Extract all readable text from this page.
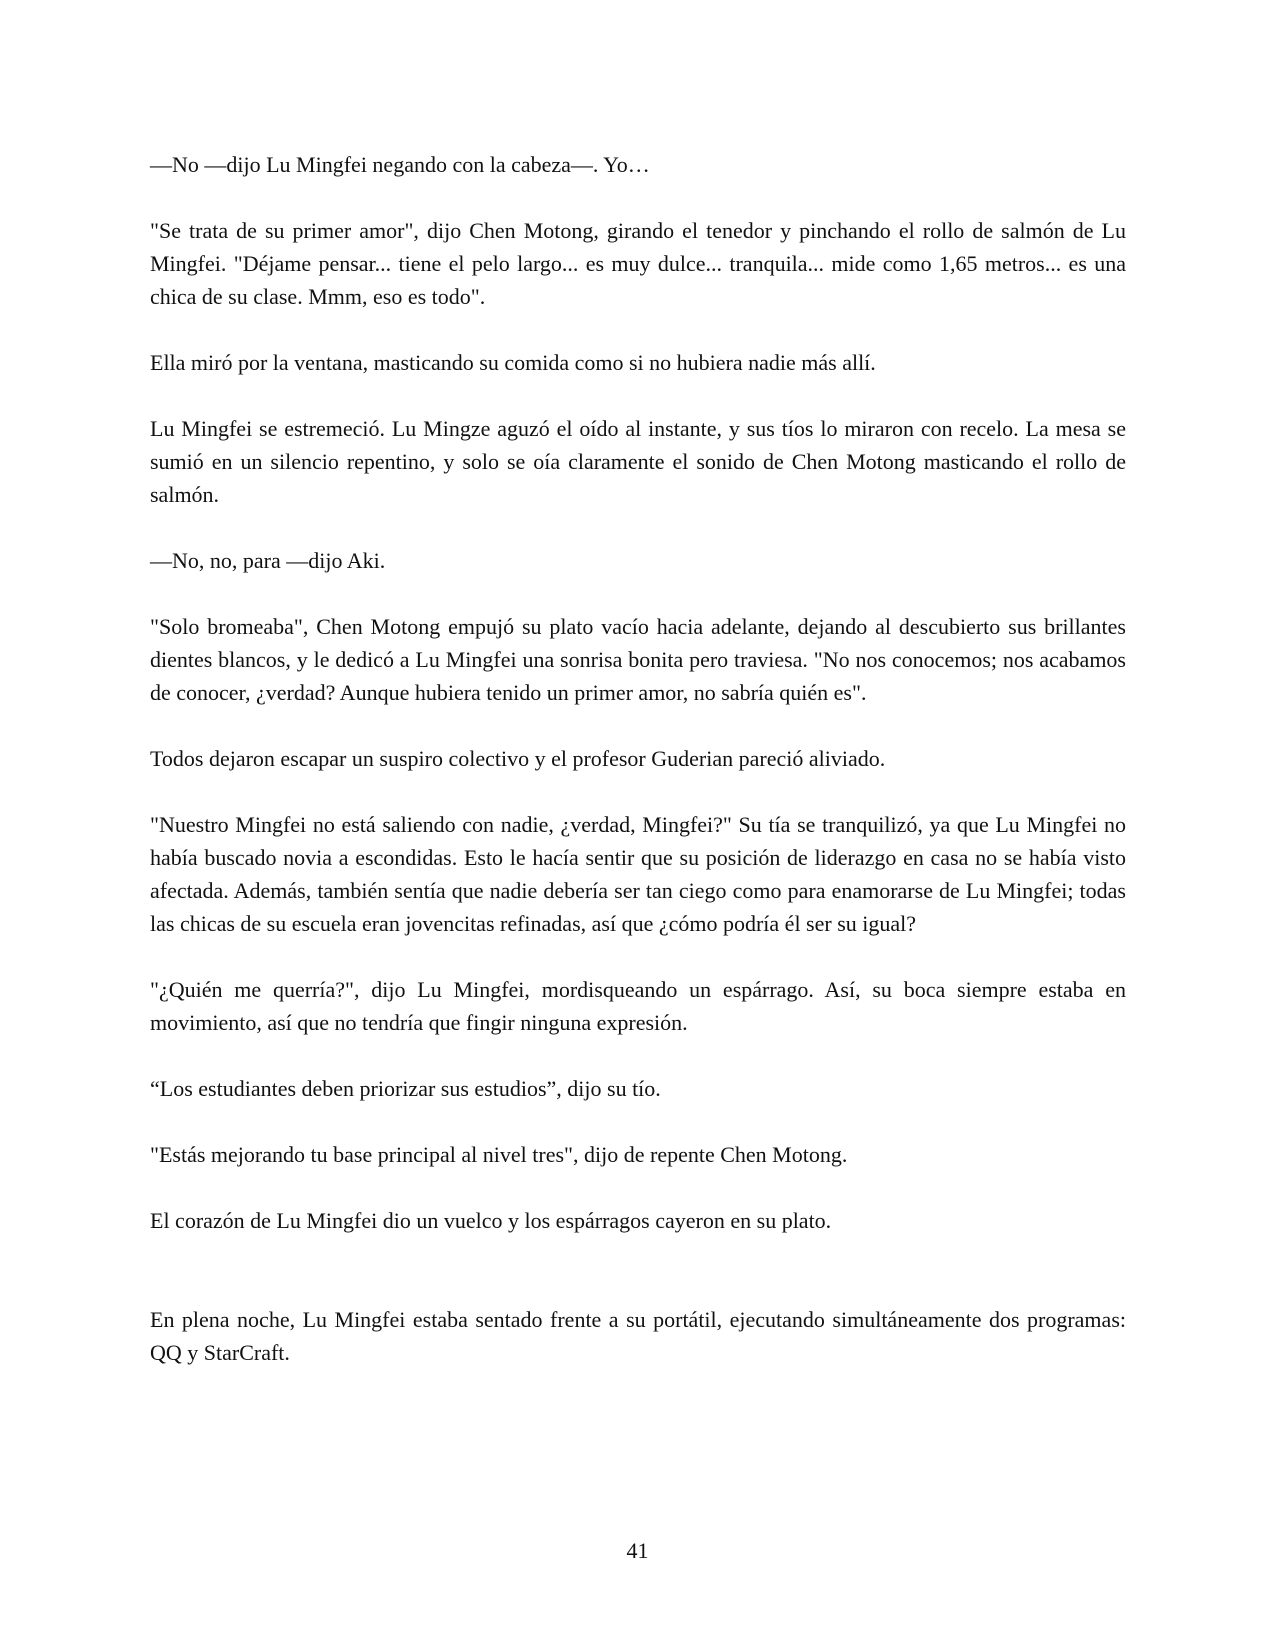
—No —dijo Lu Mingfei negando con la cabeza—. Yo…

"Se trata de su primer amor", dijo Chen Motong, girando el tenedor y pinchando el rollo de salmón de Lu Mingfei. "Déjame pensar... tiene el pelo largo... es muy dulce... tranquila... mide como 1,65 metros... es una chica de su clase. Mmm, eso es todo".

Ella miró por la ventana, masticando su comida como si no hubiera nadie más allí.

Lu Mingfei se estremeció. Lu Mingze aguzó el oído al instante, y sus tíos lo miraron con recelo. La mesa se sumió en un silencio repentino, y solo se oía claramente el sonido de Chen Motong masticando el rollo de salmón.

—No, no, para —dijo Aki.

"Solo bromeaba", Chen Motong empujó su plato vacío hacia adelante, dejando al descubierto sus brillantes dientes blancos, y le dedicó a Lu Mingfei una sonrisa bonita pero traviesa. "No nos conocemos; nos acabamos de conocer, ¿verdad? Aunque hubiera tenido un primer amor, no sabría quién es".

Todos dejaron escapar un suspiro colectivo y el profesor Guderian pareció aliviado.

"Nuestro Mingfei no está saliendo con nadie, ¿verdad, Mingfei?" Su tía se tranquilizó, ya que Lu Mingfei no había buscado novia a escondidas. Esto le hacía sentir que su posición de liderazgo en casa no se había visto afectada. Además, también sentía que nadie debería ser tan ciego como para enamorarse de Lu Mingfei; todas las chicas de su escuela eran jovencitas refinadas, así que ¿cómo podría él ser su igual?

"¿Quién me querría?", dijo Lu Mingfei, mordisqueando un espárrago. Así, su boca siempre estaba en movimiento, así que no tendría que fingir ninguna expresión.

“Los estudiantes deben priorizar sus estudios”, dijo su tío.

"Estás mejorando tu base principal al nivel tres", dijo de repente Chen Motong.

El corazón de Lu Mingfei dio un vuelco y los espárragos cayeron en su plato.

En plena noche, Lu Mingfei estaba sentado frente a su portátil, ejecutando simultáneamente dos programas: QQ y StarCraft.

41
